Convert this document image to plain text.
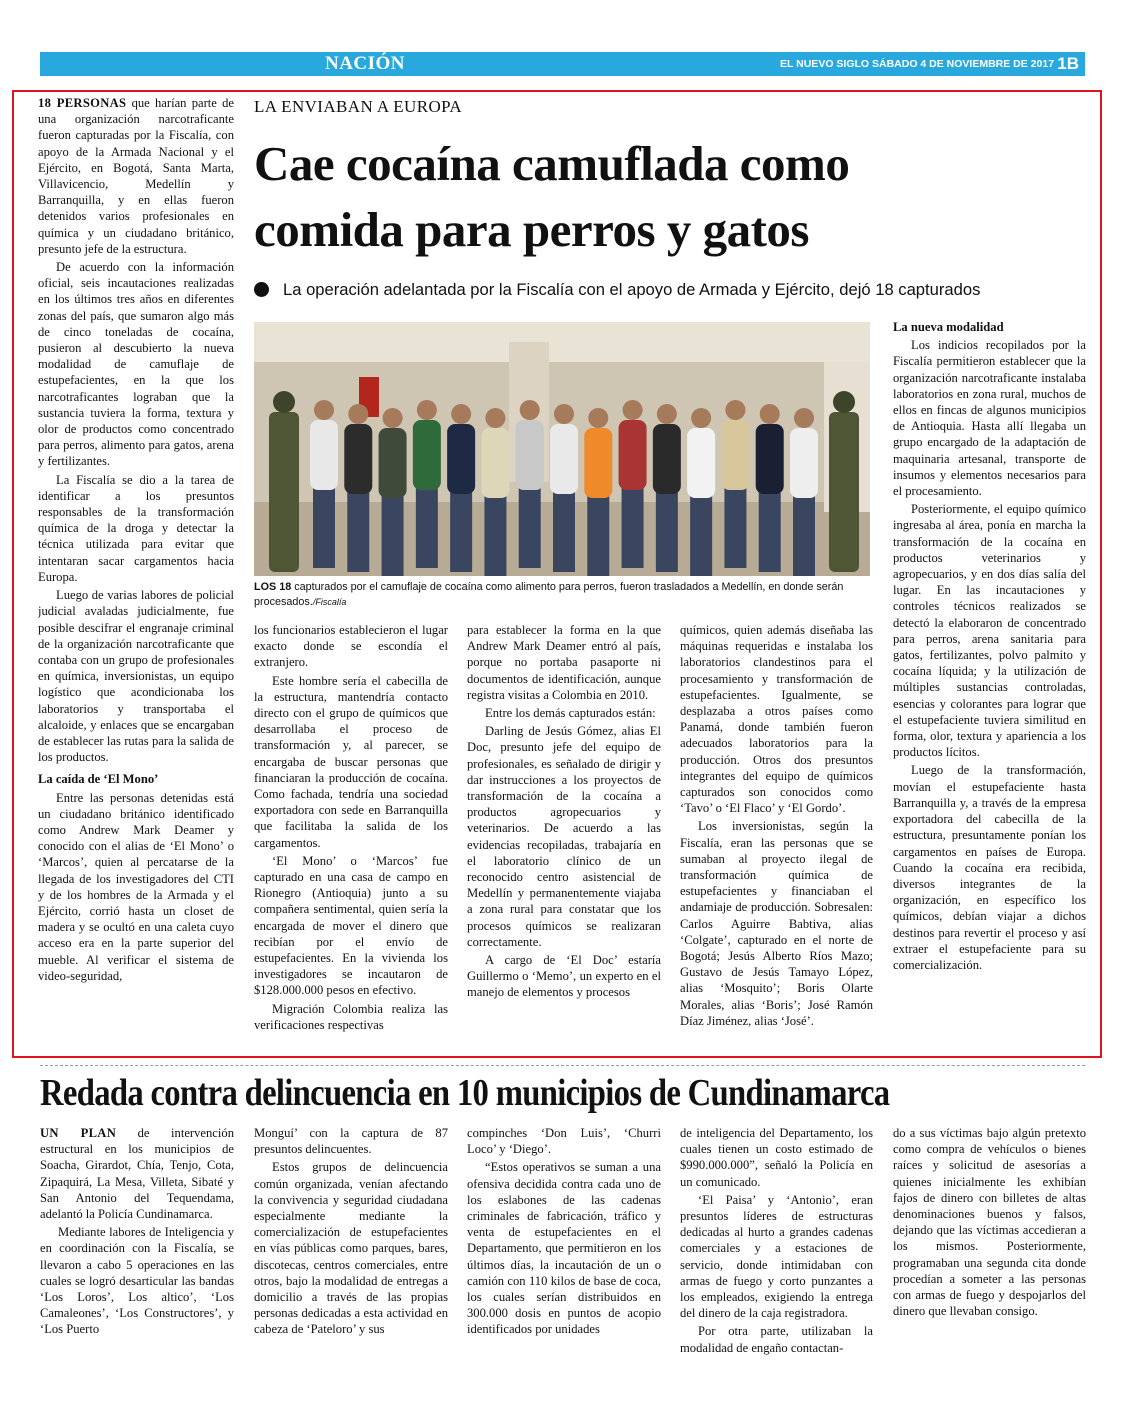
NACIÓN	EL NUEVO SIGLO SÁBADO 4 DE NOVIEMBRE DE 2017 1B
LA ENVIABAN A EUROPA
Cae cocaína camuflada como
comida para perros y gatos
La operación adelantada por la Fiscalía con el apoyo de Armada y Ejército, dejó 18 capturados
LOS 18 capturados por el camuflaje de cocaína como alimento para perros, fueron trasladados a Medellín, en donde serán procesados./Fiscalía

18 PERSONAS que harían parte de una organización narcotraficante fueron capturadas por la Fiscalía, con apoyo de la Armada Nacional y el Ejército, en Bogotá, Santa Marta, Villavicencio, Medellín y Barranquilla, y en ellas fueron detenidos varios profesionales en química y un ciudadano británico, presunto jefe de la estructura.

De acuerdo con la información oficial, seis incautaciones realizadas en los últimos tres años en diferentes zonas del país, que sumaron algo más de cinco toneladas de cocaína, pusieron al descubierto la nueva modalidad de camuflaje de estupefacientes, en la que los narcotraficantes lograban que la sustancia tuviera la forma, textura y olor de productos como concentrado para perros, alimento para gatos, arena y fertilizantes.

La Fiscalía se dio a la tarea de identificar a los presuntos responsables de la transformación química de la droga y detectar la técnica utilizada para evitar que intentaran sacar cargamentos hacia Europa.

Luego de varias labores de policial judicial avaladas judicialmente, fue posible descifrar el engranaje criminal de la organización narcotraficante que contaba con un grupo de profesionales en química, inversionistas, un equipo logístico que acondicionaba los laboratorios y transportaba el alcaloide, y enlaces que se encargaban de establecer las rutas para la salida de los productos.

La caída de ‘El Mono’

Entre las personas detenidas está un ciudadano británico identificado como Andrew Mark Deamer y conocido con el alias de ‘El Mono’ o ‘Marcos’, quien al percatarse de la llegada de los investigadores del CTI y de los hombres de la Armada y el Ejército, corrió hasta un closet de madera y se ocultó en una caleta cuyo acceso era en la parte superior del mueble. Al verificar el sistema de video-seguridad,

los funcionarios establecieron el lugar exacto donde se escondía el extranjero.

Este hombre sería el cabecilla de la estructura, mantendría contacto directo con el grupo de químicos que desarrollaba el proceso de transformación y, al parecer, se encargaba de buscar personas que financiaran la producción de cocaína. Como fachada, tendría una sociedad exportadora con sede en Barranquilla que facilitaba la salida de los cargamentos.

‘El Mono’ o ‘Marcos’ fue capturado en una casa de campo en Rionegro (Antioquia) junto a su compañera sentimental, quien sería la encargada de mover el dinero que recibían por el envío de estupefacientes. En la vivienda los investigadores se incautaron de $128.000.000 pesos en efectivo.

Migración Colombia realiza las verificaciones respectivas

para establecer la forma en la que Andrew Mark Deamer entró al país, porque no portaba pasaporte ni documentos de identificación, aunque registra visitas a Colombia en 2010.

Entre los demás capturados están:

Darling de Jesús Gómez, alias El Doc, presunto jefe del equipo de profesionales, es señalado de dirigir y dar instrucciones a los proyectos de transformación de la cocaína a productos agropecuarios y veterinarios. De acuerdo a las evidencias recopiladas, trabajaría en el laboratorio clínico de un reconocido centro asistencial de Medellín y permanentemente viajaba a zona rural para constatar que los procesos químicos se realizaran correctamente.

A cargo de ‘El Doc’ estaría Guillermo o ‘Memo’, un experto en el manejo de elementos y procesos

químicos, quien además diseñaba las máquinas requeridas e instalaba los laboratorios clandestinos para el procesamiento y transformación de estupefacientes. Igualmente, se desplazaba a otros países como Panamá, donde también fueron adecuados laboratorios para la producción. Otros dos presuntos integrantes del equipo de químicos capturados son conocidos como ‘Tavo’ o ‘El Flaco’ y ‘El Gordo’.

Los inversionistas, según la Fiscalía, eran las personas que se sumaban al proyecto ilegal de transformación química de estupefacientes y financiaban el andamiaje de producción. Sobresalen: Carlos Aguirre Babtiva, alias ‘Colgate’, capturado en el norte de Bogotá; Jesús Alberto Ríos Mazo; Gustavo de Jesús Tamayo López, alias ‘Mosquito’; Boris Olarte Morales, alias ‘Boris’; José Ramón Díaz Jiménez, alias ‘José’.

La nueva modalidad

Los indicios recopilados por la Fiscalía permitieron establecer que la organización narcotraficante instalaba laboratorios en zona rural, muchos de ellos en fincas de algunos municipios de Antioquia. Hasta allí llegaba un grupo encargado de la adaptación de maquinaria artesanal, transporte de insumos y elementos necesarios para el procesamiento.

Posteriormente, el equipo químico ingresaba al área, ponía en marcha la transformación de la cocaína en productos veterinarios y agropecuarios, y en dos días salía del lugar. En las incautaciones y controles técnicos realizados se detectó la elaboraron de concentrado para perros, arena sanitaria para gatos, fertilizantes, polvo palmito y cocaína líquida; y la utilización de múltiples sustancias controladas, esencias y colorantes para lograr que el estupefaciente tuviera similitud en forma, olor, textura y apariencia a los productos lícitos.

Luego de la transformación, movían el estupefaciente hasta Barranquilla y, a través de la empresa exportadora del cabecilla de la estructura, presuntamente ponían los cargamentos en países de Europa. Cuando la cocaína era recibida, diversos integrantes de la organización, en específico los químicos, debían viajar a dichos destinos para revertir el proceso y así extraer el estupefaciente para su comercialización.

Redada contra delincuencia en 10 municipios de Cundinamarca

UN PLAN de intervención estructural en los municipios de Soacha, Girardot, Chía, Tenjo, Cota, Zipaquirá, La Mesa, Villeta, Sibaté y San Antonio del Tequendama, adelantó la Policía Cundinamarca.

Mediante labores de Inteligencia y en coordinación con la Fiscalía, se llevaron a cabo 5 operaciones en las cuales se logró desarticular las bandas ‘Los Loros’, Los altico’, ‘Los Camaleones’, ‘Los Constructores’, y ‘Los Puerto

Monguí’ con la captura de 87 presuntos delincuentes.

Estos grupos de delincuencia común organizada, venían afectando la convivencia y seguridad ciudadana especialmente mediante la comercialización de estupefacientes en vías públicas como parques, bares, discotecas, centros comerciales, entre otros, bajo la modalidad de entregas a domicilio a través de las propias personas dedicadas a esta actividad en cabeza de ‘Pateloro’ y sus

compinches ‘Don Luis’, ‘Churri Loco’ y ‘Diego’.

“Estos operativos se suman a una ofensiva decidida contra cada uno de los eslabones de las cadenas criminales de fabricación, tráfico y venta de estupefacientes en el Departamento, que permitieron en los últimos días, la incautación de un o camión con 110 kilos de base de coca, los cuales serían distribuidos en 300.000 dosis en puntos de acopio identificados por unidades

de inteligencia del Departamento, los cuales tienen un costo estimado de $990.000.000”, señaló la Policía en un comunicado.

‘El Paisa’ y ‘Antonio’, eran presuntos líderes de estructuras dedicadas al hurto a grandes cadenas comerciales y a estaciones de servicio, donde intimidaban con armas de fuego y corto punzantes a los empleados, exigiendo la entrega del dinero de la caja registradora.

Por otra parte, utilizaban la modalidad de engaño contactan-

do a sus víctimas bajo algún pretexto como compra de vehículos o bienes raíces y solicitud de asesorías a quienes inicialmente les exhibían fajos de dinero con billetes de altas denominaciones buenos y falsos, dejando que las víctimas accedieran a los mismos. Posteriormente, programaban una segunda cita donde procedían a someter a las personas con armas de fuego y despojarlos del dinero que llevaban consigo.
